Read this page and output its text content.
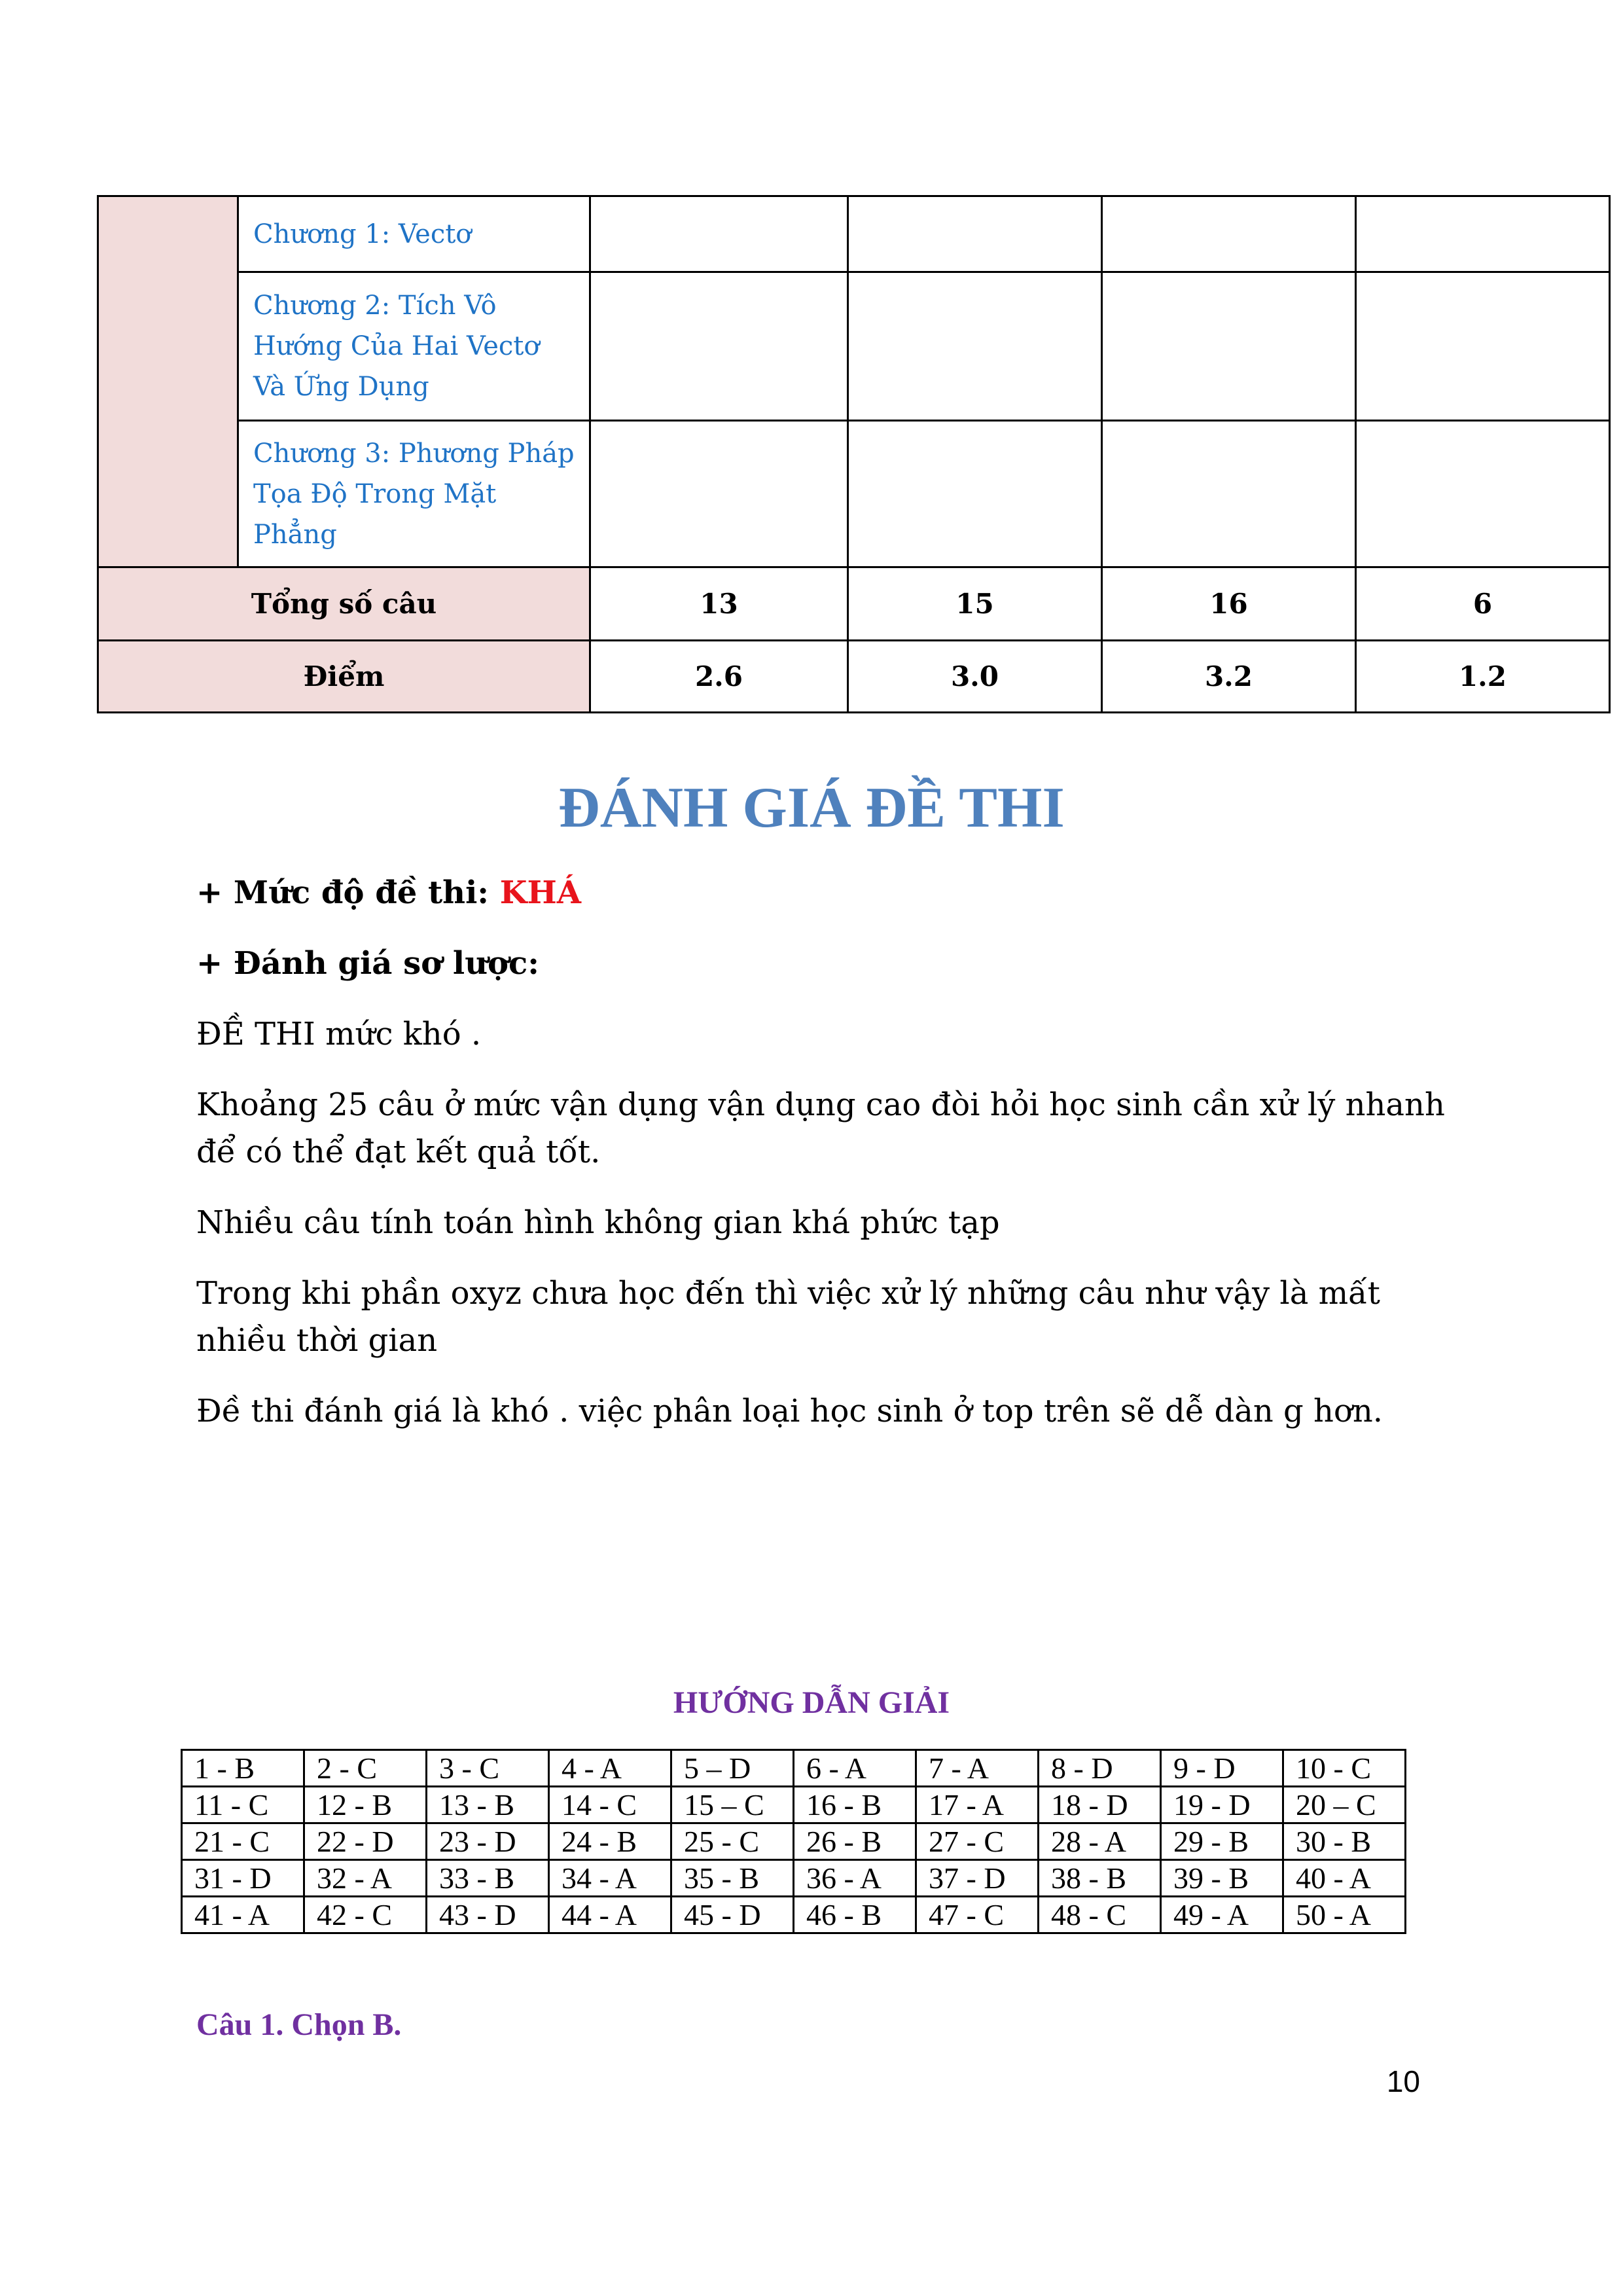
	Chương 1: Vectơ				
	Chương 2: Tích Vô Hướng Của Hai Vectơ Và Ứng Dụng				
	Chương 3: Phương Pháp Tọa Độ Trong Mặt Phẳng				
Tổng số câu		13	15	16	6
Điểm		2.6	3.0	3.2	1.2
ĐÁNH GIÁ ĐỀ THI

+ Mức độ đề thi: KHÁ

+ Đánh giá sơ lược:

ĐỀ THI mức khó .

Khoảng 25 câu ở mức vận dụng vận dụng cao đòi hỏi học sinh cần xử lý nhanh để có thể đạt kết quả tốt.

Nhiều câu tính toán hình không gian khá phức tạp

Trong khi phần oxyz chưa học đến thì việc xử lý những câu như vậy là mất nhiều thời gian

Đề thi đánh giá là khó . việc phân loại học sinh ở top trên sẽ dễ dàn g hơn.

HƯỚNG DẪN GIẢI
1 - B	2 - C	3 - C	4 - A	5 – D	6 - A	7 - A	8 - D	9 - D	10 - C
11 - C	12 - B	13 - B	14 - C	15 – C	16 - B	17 - A	18 - D	19 - D	20 – C
21 - C	22 - D	23 - D	24 - B	25 - C	26 - B	27 - C	28 - A	29 - B	30 - B
31 - D	32 - A	33 - B	34 - A	35 - B	36 - A	37 - D	38 - B	39 - B	40 - A
41 - A	42 - C	43 - D	44 - A	45 - D	46 - B	47 - C	48 - C	49 - A	50 - A

Câu 1. Chọn B.

10
